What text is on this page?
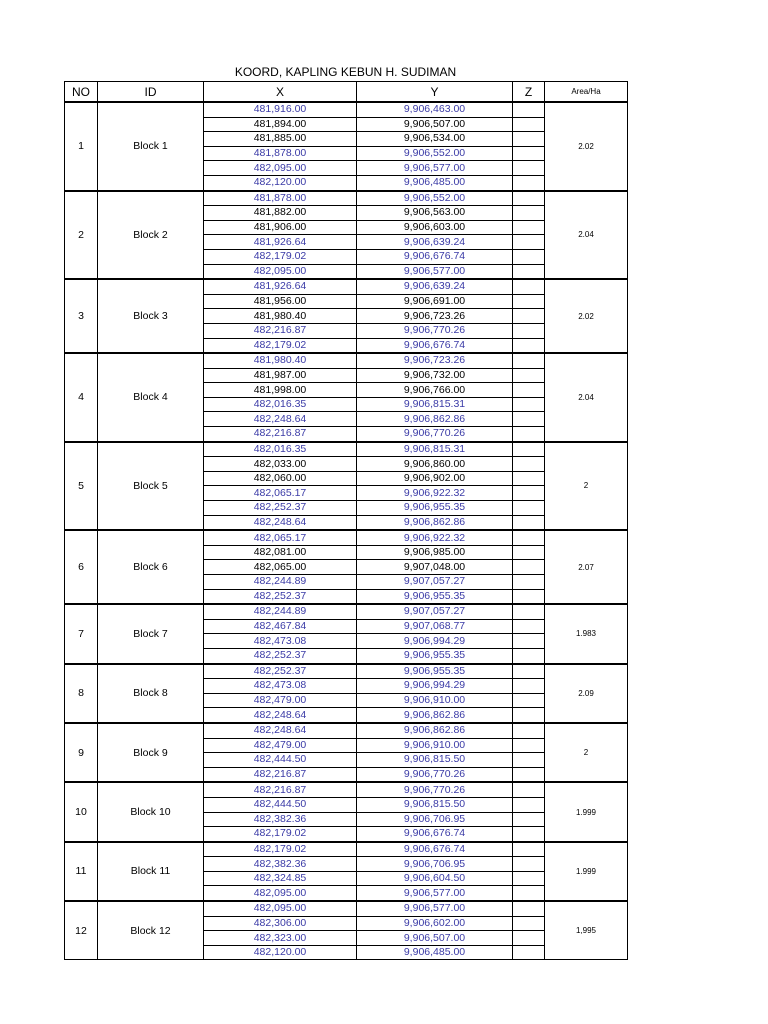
KOORD, KAPLING KEBUN H. SUDIMAN
NO	ID	X	Y	Z	Area/Ha
1	Block 1	481,916.00	9,906,463.00		2.02
		481,894.00	9,906,507.00		
		481,885.00	9,906,534.00		
		481,878.00	9,906,552.00		
		482,095.00	9,906,577.00		
		482,120.00	9,906,485.00		
2	Block 2	481,878.00	9,906,552.00		2.04
		481,882.00	9,906,563.00		
		481,906.00	9,906,603.00		
		481,926.64	9,906,639.24		
		482,179.02	9,906,676.74		
		482,095.00	9,906,577.00		
3	Block 3	481,926.64	9,906,639.24		2.02
		481,956.00	9,906,691.00		
		481,980.40	9,906,723.26		
		482,216.87	9,906,770.26		
		482,179.02	9,906,676.74		
4	Block 4	481,980.40	9,906,723.26		2.04
		481,987.00	9,906,732.00		
		481,998.00	9,906,766.00		
		482,016.35	9,906,815.31		
		482,248.64	9,906,862.86		
		482,216.87	9,906,770.26		
5	Block 5	482,016.35	9,906,815.31		2
		482,033.00	9,906,860.00		
		482,060.00	9,906,902.00		
		482,065.17	9,906,922.32		
		482,252.37	9,906,955.35		
		482,248.64	9,906,862.86		
6	Block 6	482,065.17	9,906,922.32		2.07
		482,081.00	9,906,985.00		
		482,065.00	9,907,048.00		
		482,244.89	9,907,057.27		
		482,252.37	9,906,955.35		
7	Block 7	482,244.89	9,907,057.27		1.983
		482,467.84	9,907,068.77		
		482,473.08	9,906,994.29		
		482,252.37	9,906,955.35		
8	Block 8	482,252.37	9,906,955.35		2.09
		482,473.08	9,906,994.29		
		482,479.00	9,906,910.00		
		482,248.64	9,906,862.86		
9	Block 9	482,248.64	9,906,862.86		2
		482,479.00	9,906,910.00		
		482,444.50	9,906,815.50		
		482,216.87	9,906,770.26		
10	Block 10	482,216.87	9,906,770.26		1.999
		482,444.50	9,906,815.50		
		482,382.36	9,906,706.95		
		482,179.02	9,906,676.74		
11	Block 11	482,179.02	9,906,676.74		1.999
		482,382.36	9,906,706.95		
		482,324.85	9,906,604.50		
		482,095.00	9,906,577.00		
12	Block 12	482,095.00	9,906,577.00		1,995
		482,306.00	9,906,602.00		
		482,323.00	9,906,507.00		
		482,120.00	9,906,485.00		
